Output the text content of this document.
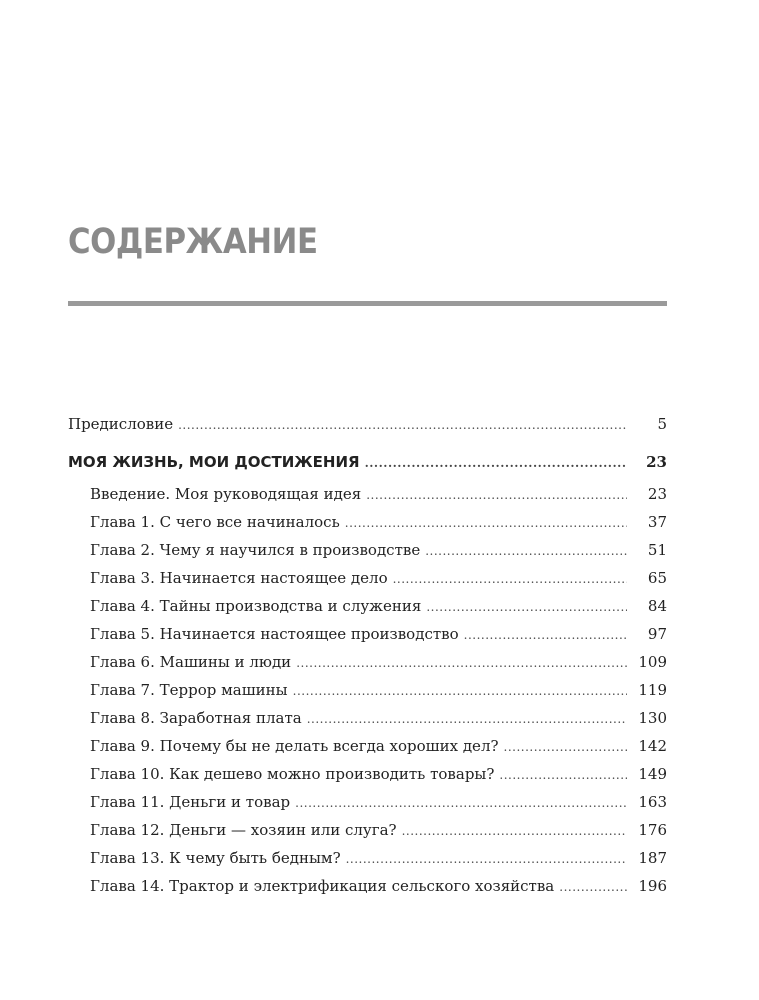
СОДЕРЖАНИЕ
Предисловие .....	5
МОЯ ЖИЗНЬ, МОИ ДОСТИЖЕНИЯ .....	23
Введение. Моя руководящая идея .....	23
Глава 1. С чего все начиналось .....	37
Глава 2. Чему я научился в производстве .....	51
Глава 3. Начинается настоящее дело .....	65
Глава 4. Тайны производства и служения .....	84
Глава 5. Начинается настоящее производство .....	97
Глава 6. Машины и люди .....	109
Глава 7. Террор машины .....	119
Глава 8. Заработная плата .....	130
Глава 9. Почему бы не делать всегда хороших дел? .....	142
Глава 10. Как дешево можно производить товары? .....	149
Глава 11. Деньги и товар .....	163
Глава 12. Деньги — хозяин или слуга? .....	176
Глава 13. К чему быть бедным? .....	187
Глава 14. Трактор и электрификация сельского хозяйства .....	196
